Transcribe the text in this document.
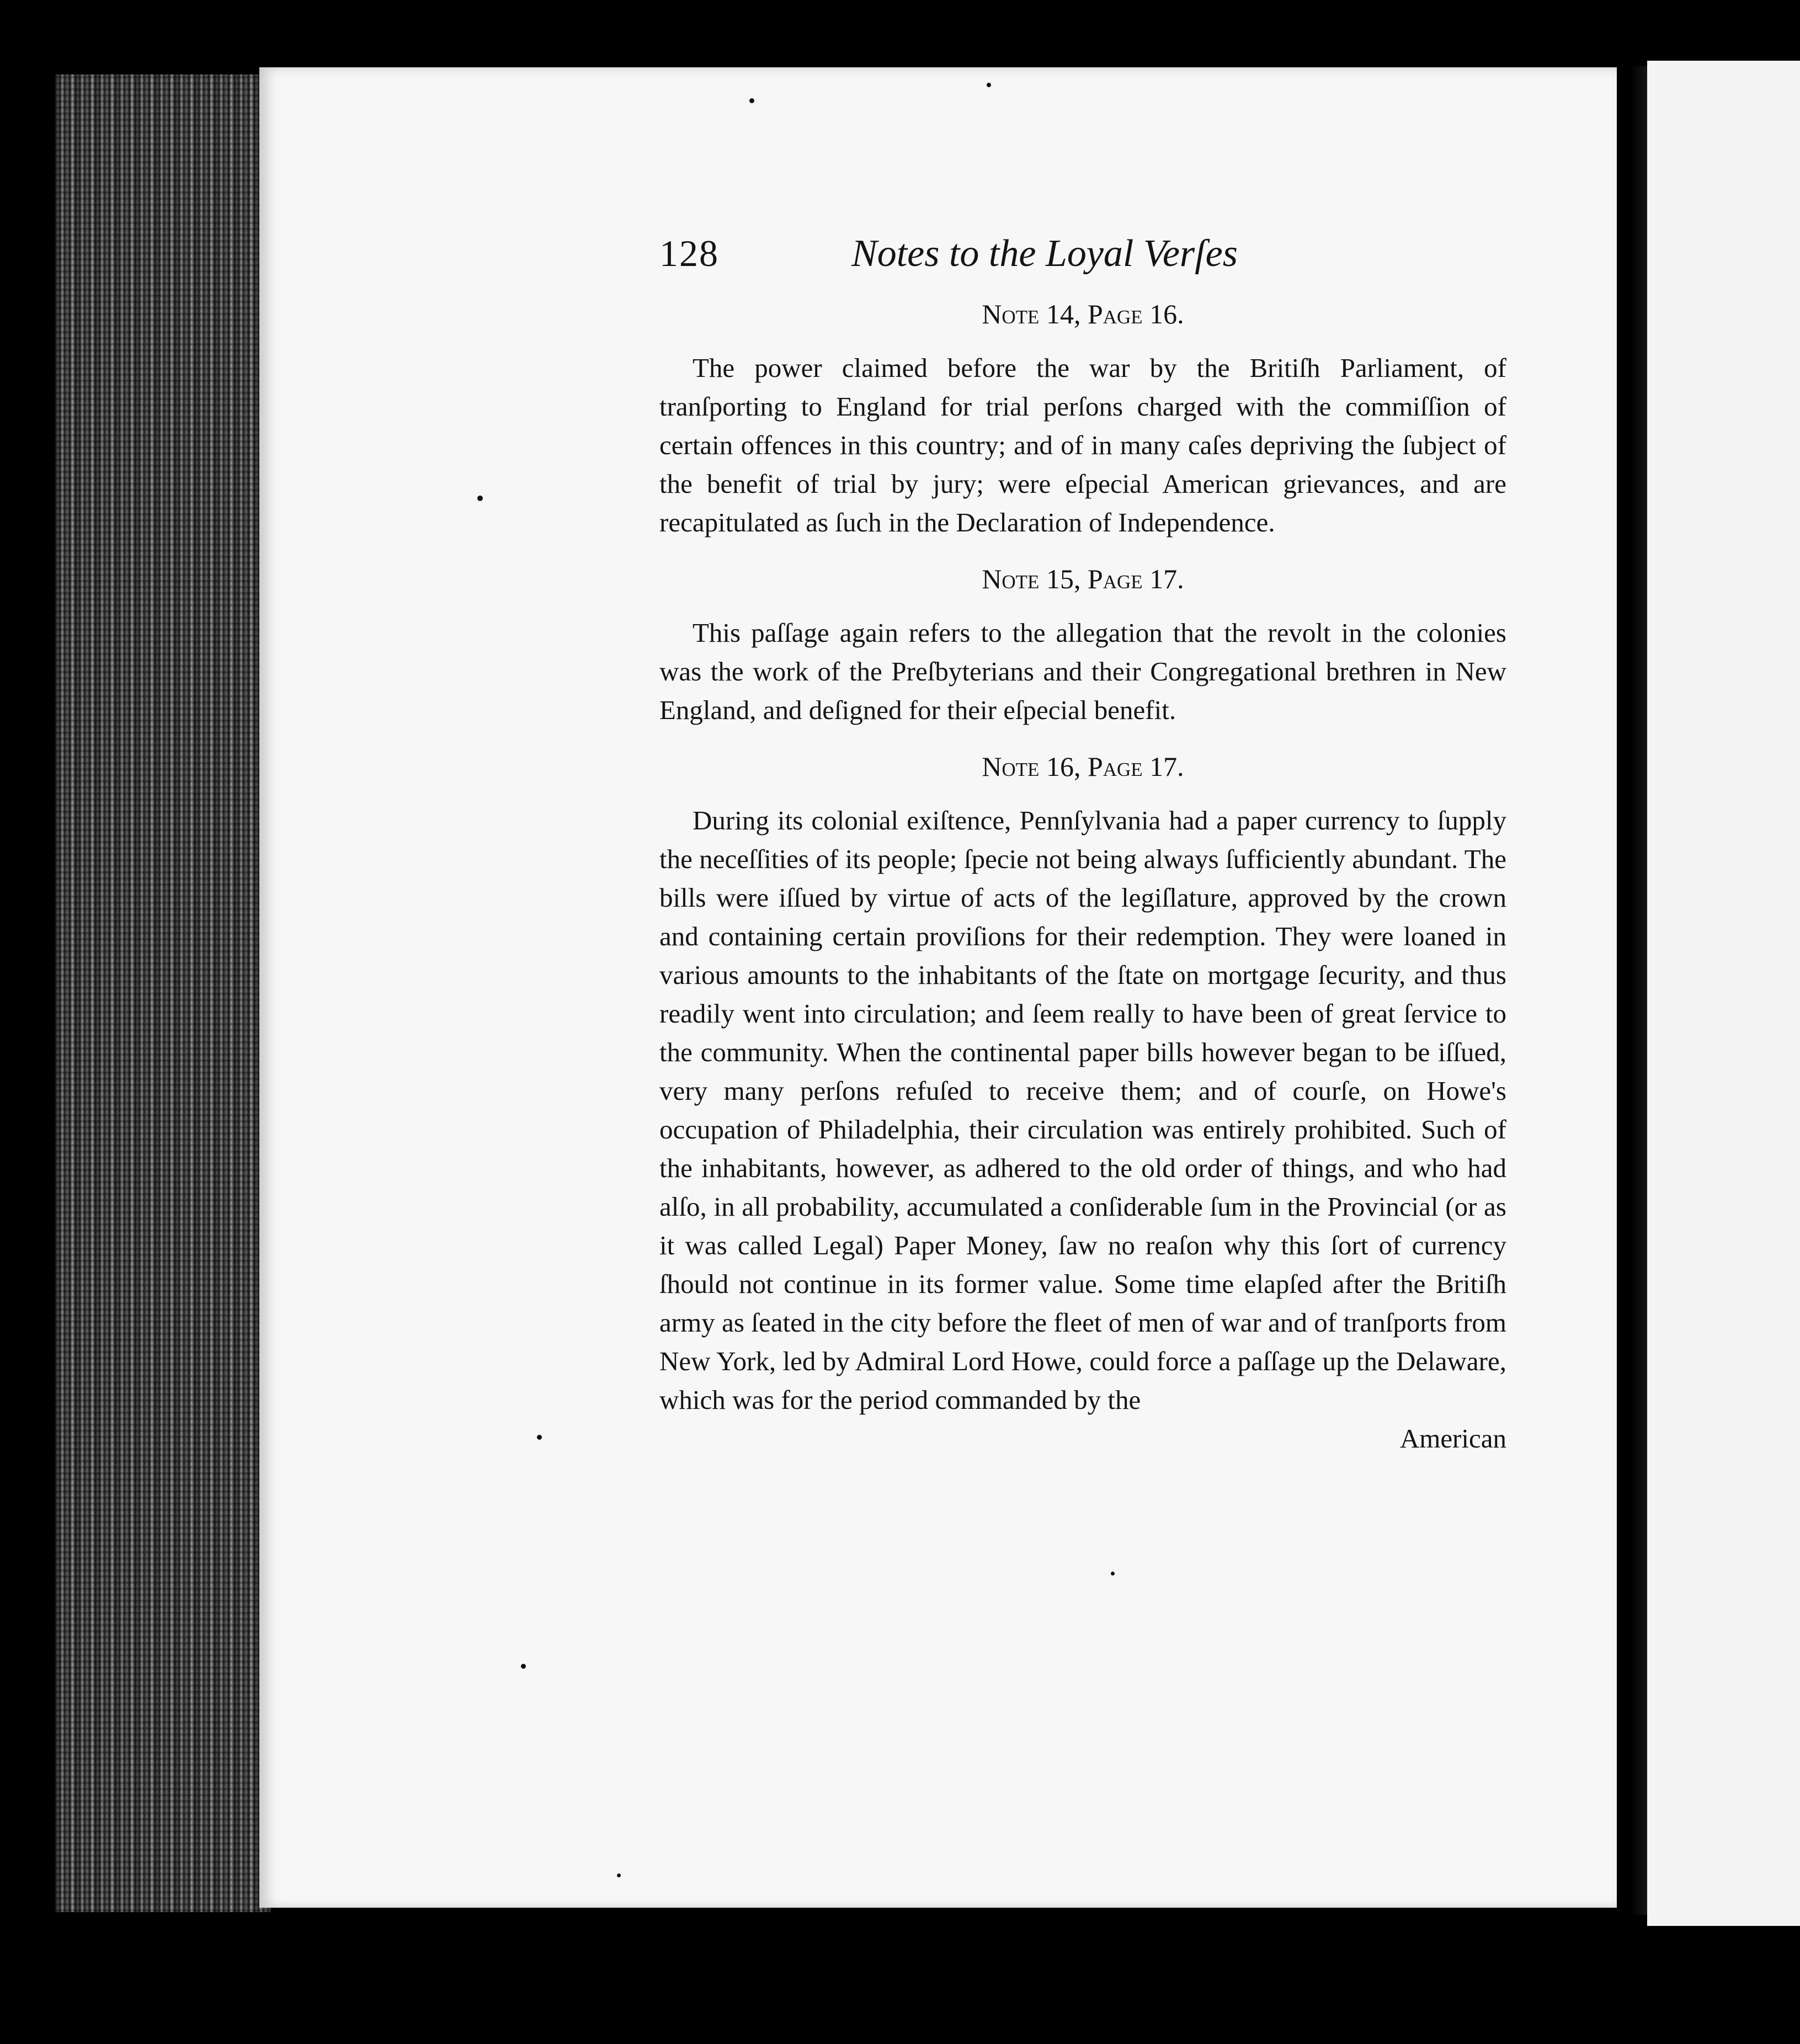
128	Notes to the Loyal Verſes

Note 14, Page 16.

The power claimed before the war by the Britiſh Parliament, of tranſporting to England for trial perſons charged with the commiſſion of certain offences in this country; and of in many caſes depriving the ſubject of the benefit of trial by jury; were eſpecial American grievances, and are recapitulated as ſuch in the Declaration of Independence.

Note 15, Page 17.

This paſſage again refers to the allegation that the revolt in the colonies was the work of the Preſbyterians and their Congregational brethren in New England, and deſigned for their eſpecial benefit.

Note 16, Page 17.

During its colonial exiſtence, Pennſylvania had a paper currency to ſupply the neceſſities of its people; ſpecie not being always ſufficiently abundant. The bills were iſſued by virtue of acts of the legiſlature, approved by the crown and containing certain proviſions for their redemption. They were loaned in various amounts to the inhabitants of the ſtate on mortgage ſecurity, and thus readily went into circulation; and ſeem really to have been of great ſervice to the community. When the continental paper bills however began to be iſſued, very many perſons refuſed to receive them; and of courſe, on Howe's occupation of Philadelphia, their circulation was entirely prohibited. Such of the inhabitants, however, as adhered to the old order of things, and who had alſo, in all probability, accumulated a conſiderable ſum in the Provincial (or as it was called Legal) Paper Money, ſaw no reaſon why this ſort of currency ſhould not continue in its former value. Some time elapſed after the Britiſh army as ſeated in the city before the fleet of men of war and of tranſports from New York, led by Admiral Lord Howe, could force a paſſage up the Delaware, which was for the period commanded by the

American
